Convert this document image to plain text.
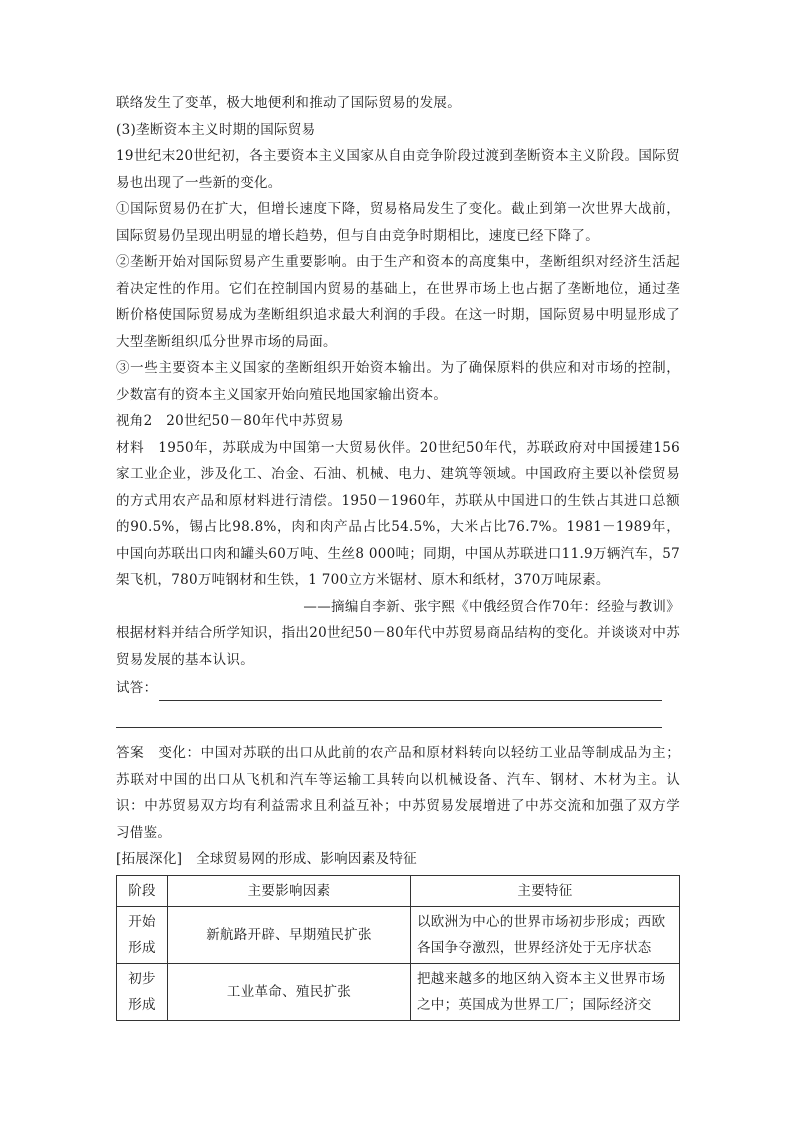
联络发生了变革，极大地便利和推动了国际贸易的发展。

(3)垄断资本主义时期的国际贸易

19世纪末20世纪初，各主要资本主义国家从自由竞争阶段过渡到垄断资本主义阶段。国际贸易也出现了一些新的变化。

①国际贸易仍在扩大，但增长速度下降，贸易格局发生了变化。截止到第一次世界大战前，国际贸易仍呈现出明显的增长趋势，但与自由竞争时期相比，速度已经下降了。

②垄断开始对国际贸易产生重要影响。由于生产和资本的高度集中，垄断组织对经济生活起着决定性的作用。它们在控制国内贸易的基础上，在世界市场上也占据了垄断地位，通过垄断价格使国际贸易成为垄断组织追求最大利润的手段。在这一时期，国际贸易中明显形成了大型垄断组织瓜分世界市场的局面。

③一些主要资本主义国家的垄断组织开始资本输出。为了确保原料的供应和对市场的控制，少数富有的资本主义国家开始向殖民地国家输出资本。

视角2　20世纪50－80年代中苏贸易

材料　1950年，苏联成为中国第一大贸易伙伴。20世纪50年代，苏联政府对中国援建156家工业企业，涉及化工、冶金、石油、机械、电力、建筑等领域。中国政府主要以补偿贸易的方式用农产品和原材料进行清偿。1950－1960年，苏联从中国进口的生铁占其进口总额的90.5%，锡占比98.8%，肉和肉产品占比54.5%，大米占比76.7%。1981－1989年，中国向苏联出口肉和罐头60万吨、生丝8 000吨；同期，中国从苏联进口11.9万辆汽车，57架飞机，780万吨钢材和生铁，1 700立方米锯材、原木和纸材，370万吨尿素。

——摘编自李新、张宇熙《中俄经贸合作70年：经验与教训》

根据材料并结合所学知识，指出20世纪50－80年代中苏贸易商品结构的变化。并谈谈对中苏贸易发展的基本认识。

试答：

答案　变化：中国对苏联的出口从此前的农产品和原材料转向以轻纺工业品等制成品为主；苏联对中国的出口从飞机和汽车等运输工具转向以机械设备、汽车、钢材、木材为主。认识：中苏贸易双方均有利益需求且利益互补；中苏贸易发展增进了中苏交流和加强了双方学习借鉴。

[拓展深化]　全球贸易网的形成、影响因素及特征

阶段	主要影响因素	主要特征
开始形成	新航路开辟、早期殖民扩张	以欧洲为中心的世界市场初步形成；西欧各国争夺激烈，世界经济处于无序状态
初步形成	工业革命、殖民扩张	把越来越多的地区纳入资本主义世界市场之中；英国成为世界工厂；国际经济交
